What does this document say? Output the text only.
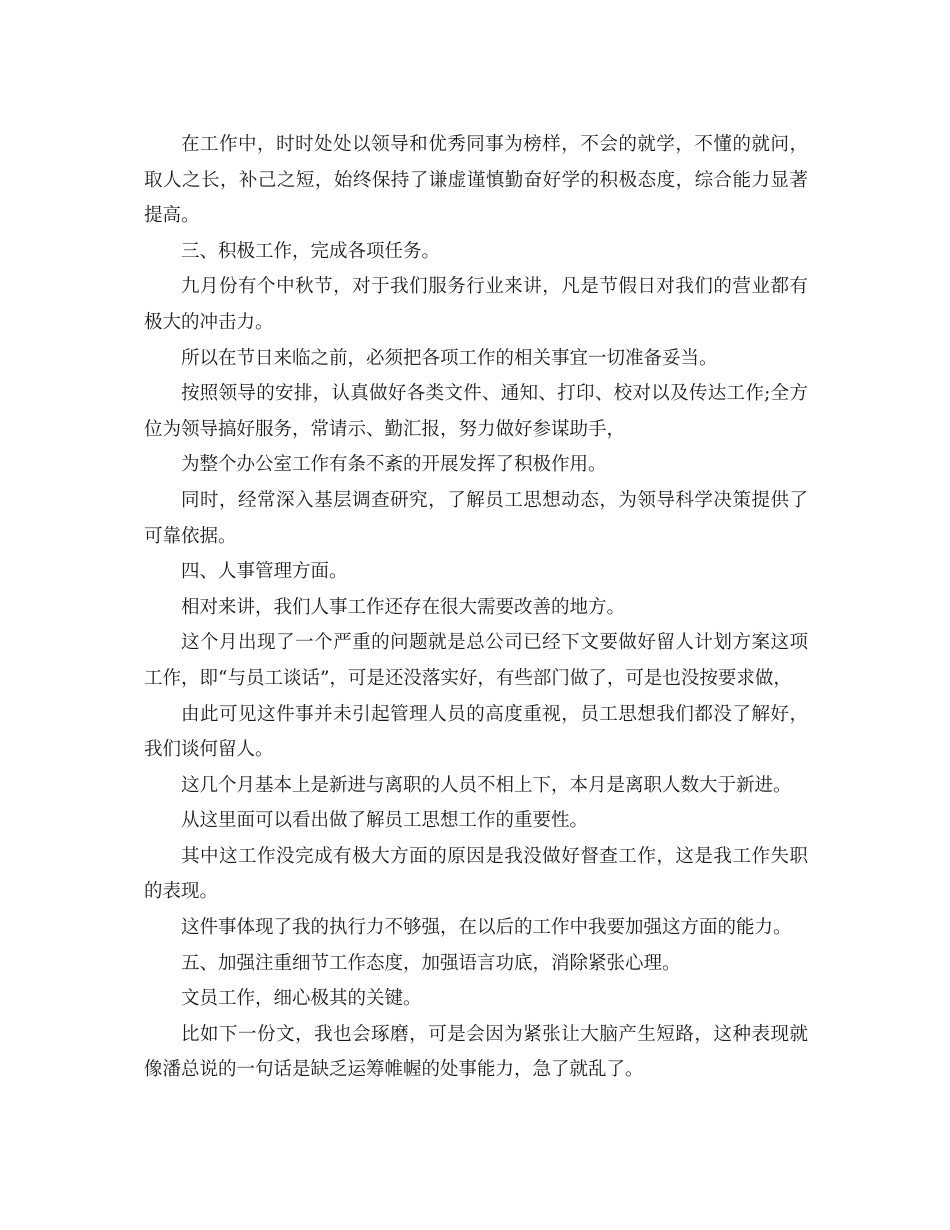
在工作中，时时处处以领导和优秀同事为榜样，不会的就学，不懂的就问，取人之长，补己之短，始终保持了谦虚谨慎勤奋好学的积极态度，综合能力显著提高。

三、积极工作，完成各项任务。

九月份有个中秋节，对于我们服务行业来讲，凡是节假日对我们的营业都有极大的冲击力。

所以在节日来临之前，必须把各项工作的相关事宜一切准备妥当。

按照领导的安排，认真做好各类文件、通知、打印、校对以及传达工作;全方位为领导搞好服务，常请示、勤汇报，努力做好参谋助手，

为整个办公室工作有条不紊的开展发挥了积极作用。

同时，经常深入基层调查研究，了解员工思想动态，为领导科学决策提供了可靠依据。

四、人事管理方面。

相对来讲，我们人事工作还存在很大需要改善的地方。

这个月出现了一个严重的问题就是总公司已经下文要做好留人计划方案这项工作，即“与员工谈话”，可是还没落实好，有些部门做了，可是也没按要求做，

由此可见这件事并未引起管理人员的高度重视，员工思想我们都没了解好，我们谈何留人。

这几个月基本上是新进与离职的人员不相上下，本月是离职人数大于新进。

从这里面可以看出做了解员工思想工作的重要性。

其中这工作没完成有极大方面的原因是我没做好督查工作，这是我工作失职的表现。

这件事体现了我的执行力不够强，在以后的工作中我要加强这方面的能力。

五、加强注重细节工作态度，加强语言功底，消除紧张心理。

文员工作，细心极其的关键。

比如下一份文，我也会琢磨，可是会因为紧张让大脑产生短路，这种表现就像潘总说的一句话是缺乏运筹帷幄的处事能力，急了就乱了。
